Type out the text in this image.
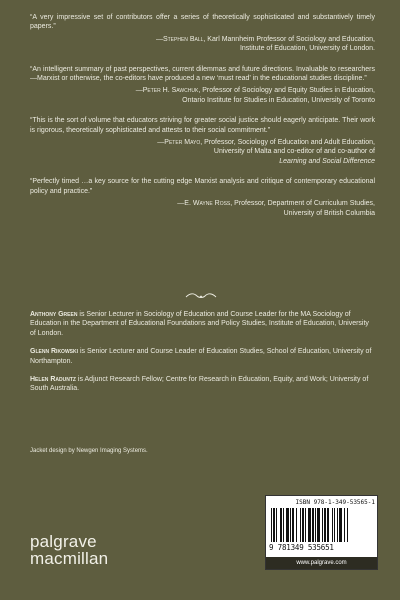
“A very impressive set of contributors offer a series of theoretically sophisticated and substantively timely papers.”

—Stephen Ball, Karl Mannheim Professor of Sociology and Education,
Institute of Education, University of London.

“An intelligent summary of past perspectives, current dilemmas and future directions. Invaluable to researchers—Marxist or otherwise, the co-editors have produced a new ‘must read’ in the educational studies discipline.”

—Peter H. Sawchuk, Professor of Sociology and Equity Studies in Education,
Ontario Institute for Studies in Education, University of Toronto

“This is the sort of volume that educators striving for greater social justice should eagerly anticipate. Their work is rigorous, theoretically sophisticated and attests to their social commitment.”

—Peter Mayo, Professor, Sociology of Education and Adult Education,
University of Malta and co-editor of and co-author of
Learning and Social Difference

“Perfectly timed …a key source for the cutting edge Marxist analysis and critique of contemporary educational policy and practice.”

—E. Wayne Ross, Professor, Department of Curriculum Studies,
University of British Columbia

Anthony Green is Senior Lecturer in Sociology of Education and Course Leader for the MA Sociology of Education in the Department of Educational Foundations and Policy Studies, Institute of Education, University of London.

Glenn Rikowski is Senior Lecturer and Course Leader of Education Studies, School of Education, University of Northampton.

Helen Raduntz is Adjunct Research Fellow; Centre for Research in Education, Equity, and Work; University of South Australia.

Jacket design by Newgen Imaging Systems.

palgrave
macmillan
ISBN 978-1-349-53565-1
9 781349 535651
www.palgrave.com
